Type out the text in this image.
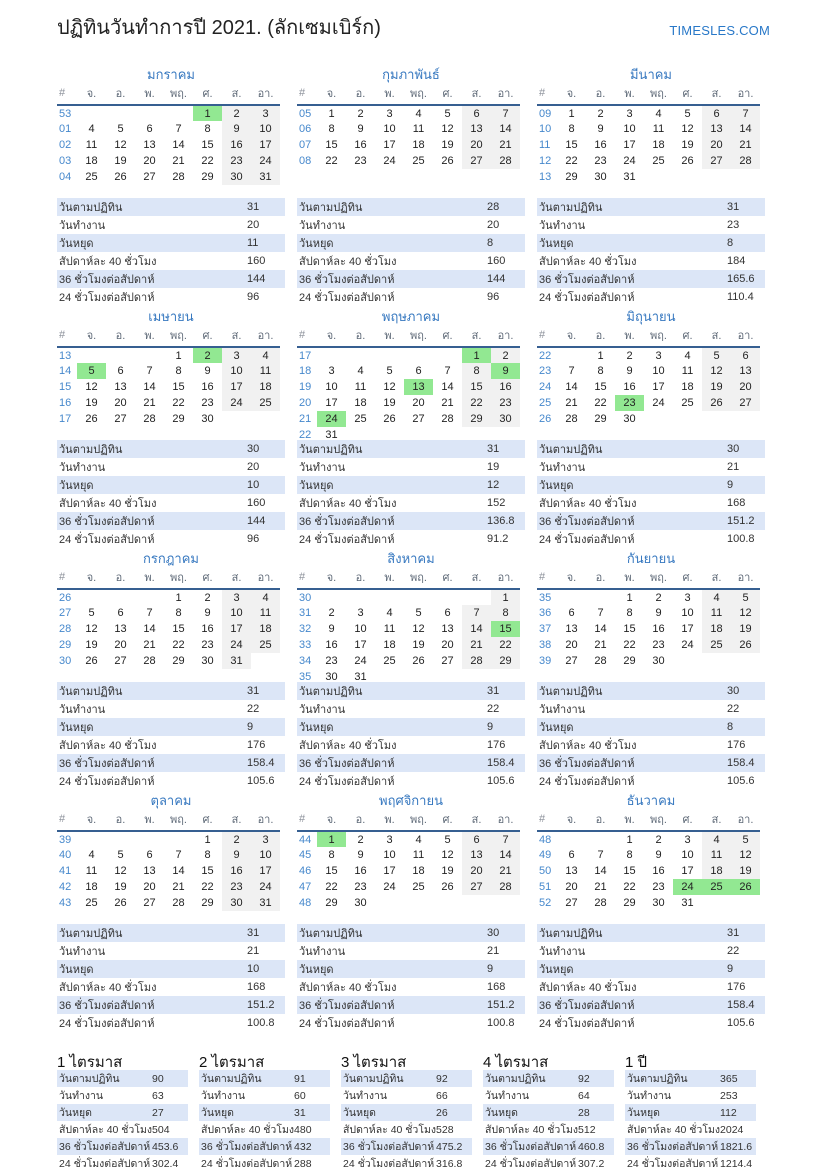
ปฏิทินวันทำการปี 2021. (ลักเซมเบิร์ก)	TIMESLES.COM
มกราคม
#	จ.	อ.	พ.	พฤ.	ศ.	ส.	อา.
53					1	2	3
01	4	5	6	7	8	9	10
02	11	12	13	14	15	16	17
03	18	19	20	21	22	23	24
04	25	26	27	28	29	30	31
วันตามปฏิทิน	31
วันทำงาน	20
วันหยุด	11
สัปดาห์ละ 40 ชั่วโมง	160
36 ชั่วโมงต่อสัปดาห์	144
24 ชั่วโมงต่อสัปดาห์	96
กุมภาพันธ์
#	จ.	อ.	พ.	พฤ.	ศ.	ส.	อา.
05	1	2	3	4	5	6	7
06	8	9	10	11	12	13	14
07	15	16	17	18	19	20	21
08	22	23	24	25	26	27	28
วันตามปฏิทิน	28
วันทำงาน	20
วันหยุด	8
สัปดาห์ละ 40 ชั่วโมง	160
36 ชั่วโมงต่อสัปดาห์	144
24 ชั่วโมงต่อสัปดาห์	96
มีนาคม
#	จ.	อ.	พ.	พฤ.	ศ.	ส.	อา.
09	1	2	3	4	5	6	7
10	8	9	10	11	12	13	14
11	15	16	17	18	19	20	21
12	22	23	24	25	26	27	28
13	29	30	31				
วันตามปฏิทิน	31
วันทำงาน	23
วันหยุด	8
สัปดาห์ละ 40 ชั่วโมง	184
36 ชั่วโมงต่อสัปดาห์	165.6
24 ชั่วโมงต่อสัปดาห์	110.4
เมษายน
#	จ.	อ.	พ.	พฤ.	ศ.	ส.	อา.
13				1	2	3	4
14	5	6	7	8	9	10	11
15	12	13	14	15	16	17	18
16	19	20	21	22	23	24	25
17	26	27	28	29	30		
วันตามปฏิทิน	30
วันทำงาน	20
วันหยุด	10
สัปดาห์ละ 40 ชั่วโมง	160
36 ชั่วโมงต่อสัปดาห์	144
24 ชั่วโมงต่อสัปดาห์	96
พฤษภาคม
#	จ.	อ.	พ.	พฤ.	ศ.	ส.	อา.
17						1	2
18	3	4	5	6	7	8	9
19	10	11	12	13	14	15	16
20	17	18	19	20	21	22	23
21	24	25	26	27	28	29	30
22	31						
วันตามปฏิทิน	31
วันทำงาน	19
วันหยุด	12
สัปดาห์ละ 40 ชั่วโมง	152
36 ชั่วโมงต่อสัปดาห์	136.8
24 ชั่วโมงต่อสัปดาห์	91.2
มิถุนายน
#	จ.	อ.	พ.	พฤ.	ศ.	ส.	อา.
22		1	2	3	4	5	6
23	7	8	9	10	11	12	13
24	14	15	16	17	18	19	20
25	21	22	23	24	25	26	27
26	28	29	30				
วันตามปฏิทิน	30
วันทำงาน	21
วันหยุด	9
สัปดาห์ละ 40 ชั่วโมง	168
36 ชั่วโมงต่อสัปดาห์	151.2
24 ชั่วโมงต่อสัปดาห์	100.8
กรกฎาคม
#	จ.	อ.	พ.	พฤ.	ศ.	ส.	อา.
26				1	2	3	4
27	5	6	7	8	9	10	11
28	12	13	14	15	16	17	18
29	19	20	21	22	23	24	25
30	26	27	28	29	30	31	
วันตามปฏิทิน	31
วันทำงาน	22
วันหยุด	9
สัปดาห์ละ 40 ชั่วโมง	176
36 ชั่วโมงต่อสัปดาห์	158.4
24 ชั่วโมงต่อสัปดาห์	105.6
สิงหาคม
#	จ.	อ.	พ.	พฤ.	ศ.	ส.	อา.
30							1
31	2	3	4	5	6	7	8
32	9	10	11	12	13	14	15
33	16	17	18	19	20	21	22
34	23	24	25	26	27	28	29
35	30	31					
วันตามปฏิทิน	31
วันทำงาน	22
วันหยุด	9
สัปดาห์ละ 40 ชั่วโมง	176
36 ชั่วโมงต่อสัปดาห์	158.4
24 ชั่วโมงต่อสัปดาห์	105.6
กันยายน
#	จ.	อ.	พ.	พฤ.	ศ.	ส.	อา.
35			1	2	3	4	5
36	6	7	8	9	10	11	12
37	13	14	15	16	17	18	19
38	20	21	22	23	24	25	26
39	27	28	29	30			
วันตามปฏิทิน	30
วันทำงาน	22
วันหยุด	8
สัปดาห์ละ 40 ชั่วโมง	176
36 ชั่วโมงต่อสัปดาห์	158.4
24 ชั่วโมงต่อสัปดาห์	105.6
ตุลาคม
#	จ.	อ.	พ.	พฤ.	ศ.	ส.	อา.
39					1	2	3
40	4	5	6	7	8	9	10
41	11	12	13	14	15	16	17
42	18	19	20	21	22	23	24
43	25	26	27	28	29	30	31
วันตามปฏิทิน	31
วันทำงาน	21
วันหยุด	10
สัปดาห์ละ 40 ชั่วโมง	168
36 ชั่วโมงต่อสัปดาห์	151.2
24 ชั่วโมงต่อสัปดาห์	100.8
พฤศจิกายน
#	จ.	อ.	พ.	พฤ.	ศ.	ส.	อา.
44	1	2	3	4	5	6	7
45	8	9	10	11	12	13	14
46	15	16	17	18	19	20	21
47	22	23	24	25	26	27	28
48	29	30					
วันตามปฏิทิน	30
วันทำงาน	21
วันหยุด	9
สัปดาห์ละ 40 ชั่วโมง	168
36 ชั่วโมงต่อสัปดาห์	151.2
24 ชั่วโมงต่อสัปดาห์	100.8
ธันวาคม
#	จ.	อ.	พ.	พฤ.	ศ.	ส.	อา.
48			1	2	3	4	5
49	6	7	8	9	10	11	12
50	13	14	15	16	17	18	19
51	20	21	22	23	24	25	26
52	27	28	29	30	31		
วันตามปฏิทิน	31
วันทำงาน	22
วันหยุด	9
สัปดาห์ละ 40 ชั่วโมง	176
36 ชั่วโมงต่อสัปดาห์	158.4
24 ชั่วโมงต่อสัปดาห์	105.6
1 ไตรมาส
วันตามปฏิทิน	90
วันทำงาน	63
วันหยุด	27
สัปดาห์ละ 40 ชั่วโมง	504
36 ชั่วโมงต่อสัปดาห์	453.6
24 ชั่วโมงต่อสัปดาห์	302.4
2 ไตรมาส
วันตามปฏิทิน	91
วันทำงาน	60
วันหยุด	31
สัปดาห์ละ 40 ชั่วโมง	480
36 ชั่วโมงต่อสัปดาห์	432
24 ชั่วโมงต่อสัปดาห์	288
3 ไตรมาส
วันตามปฏิทิน	92
วันทำงาน	66
วันหยุด	26
สัปดาห์ละ 40 ชั่วโมง	528
36 ชั่วโมงต่อสัปดาห์	475.2
24 ชั่วโมงต่อสัปดาห์	316.8
4 ไตรมาส
วันตามปฏิทิน	92
วันทำงาน	64
วันหยุด	28
สัปดาห์ละ 40 ชั่วโมง	512
36 ชั่วโมงต่อสัปดาห์	460.8
24 ชั่วโมงต่อสัปดาห์	307.2
1 ปี
วันตามปฏิทิน	365
วันทำงาน	253
วันหยุด	112
สัปดาห์ละ 40 ชั่วโมง	2024
36 ชั่วโมงต่อสัปดาห์	1821.6
24 ชั่วโมงต่อสัปดาห์	1214.4
